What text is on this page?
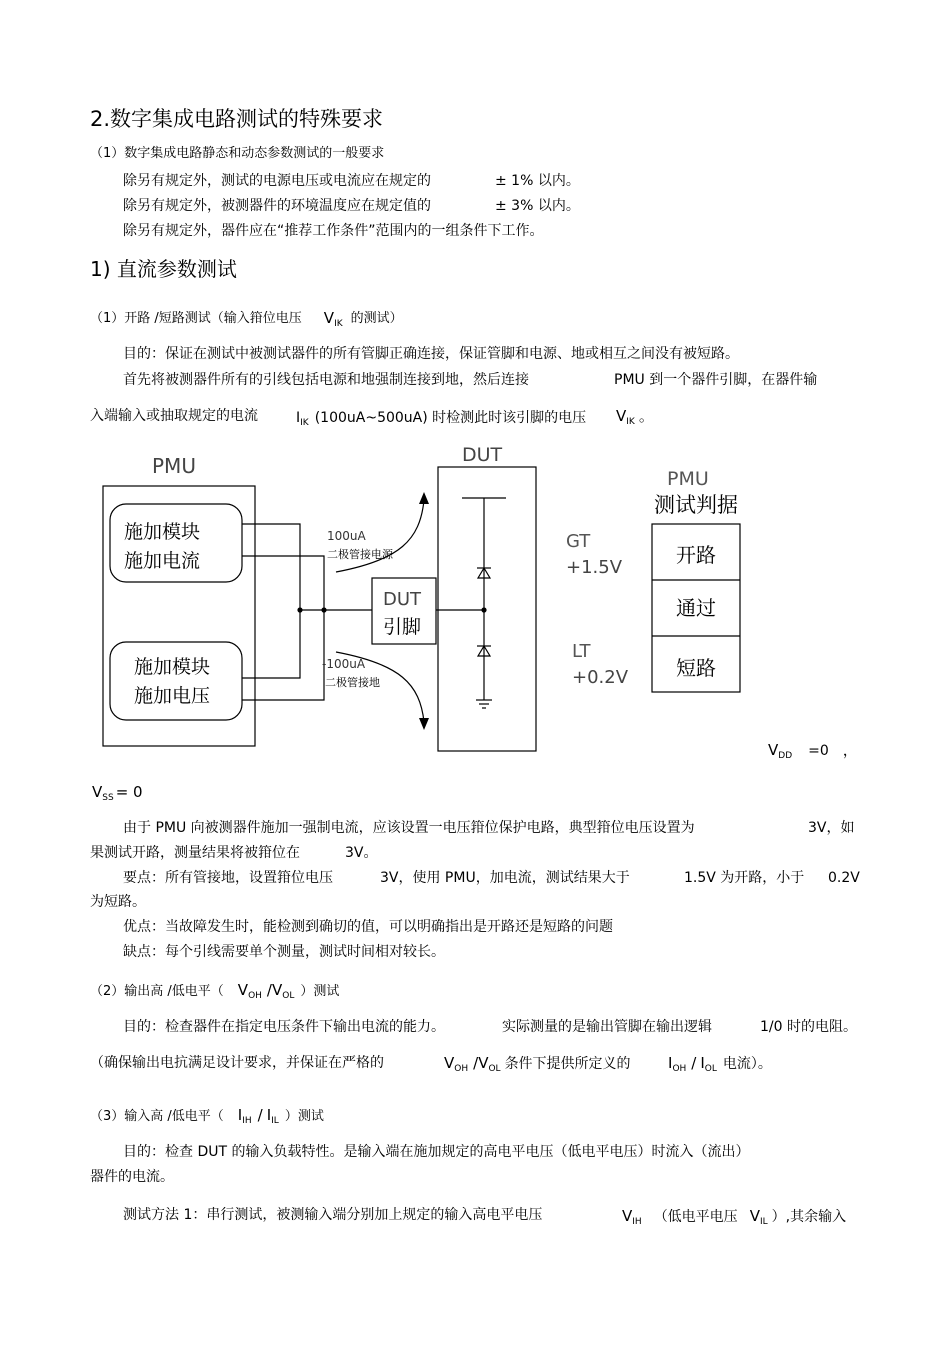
2.数字集成电路测试的特殊要求
（1）数字集成电路静态和动态参数测试的一般要求
除另有规定外，测试的电源电压或电流应在规定的	± 1% 以内。
除另有规定外，被测器件的环境温度应在规定值的	± 3% 以内。
除另有规定外，器件应在“推荐工作条件”范围内的一组条件下工作。
1) 直流参数测试
（1）开路 /短路测试（输入箝位电压 $V_{IK}$ 的测试）
目的：保证在测试中被测试器件的所有管脚正确连接，保证管脚和电源、地或相互之间没有被短路。
首先将被测器件所有的引线包括电源和地强制连接到地，然后连接	PMU 到一个器件引脚，在器件输
入端输入或抽取规定的电流	$I_{IK}$ (100uA~500uA) 时检测此时该引脚的电压 $V_{IK}$ 。
PMU
施加模块
施加电流
施加模块
施加电压
100uA
二极管接电源
-100uA
二极管接地
DUT
引脚
DUT
GT
+1.5V
LT
+0.2V
PMU
测试判据
开路
通过
短路
$V_{DD} =0$ ，
$V_{SS} = 0$
由于 PMU 向被测器件施加一强制电流，应该设置一电压箝位保护电路，典型箝位电压设置为	3V，如
果测试开路，测量结果将被箝位在	3V。
要点：所有管接地，设置箝位电压	3V，使用 PMU，加电流，测试结果大于	1.5V 为开路，小于 0.2V
为短路。
优点：当故障发生时，能检测到确切的值，可以明确指出是开路还是短路的问题
缺点：每个引线需要单个测量，测试时间相对较长。
（2）输出高 /低电平（ $V_{OH}$ $/V_{OL}$ ）测试
目的：检查器件在指定电压条件下输出电流的能力。	实际测量的是输出管脚在输出逻辑	1/0 时的电阻。
（确保输出电抗满足设计要求，并保证在严格的	$V_{OH}$ $/V_{OL}$ 条件下提供所定义的 $I_{OH} / I_{OL}$ 电流）。
（3）输入高 /低电平（ $I_{IH} / I_{IL}$ ）测试
目的：检查 DUT 的输入负载特性。是输入端在施加规定的高电平电压（低电平电压）时流入（流出）
器件的电流。
测试方法 1：串行测试，被测输入端分别加上规定的输入高电平电压	$V_{IH}$ （低电平电压 $V_{IL}$ ）,其余输入
